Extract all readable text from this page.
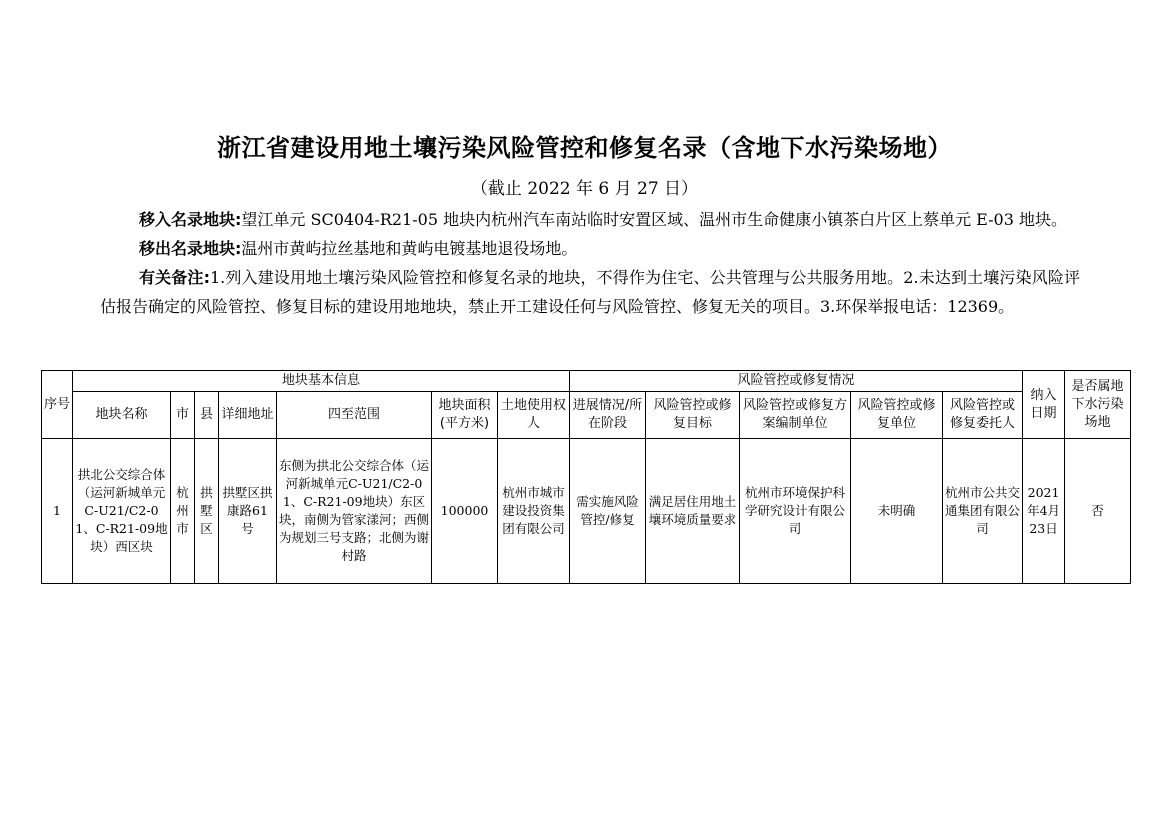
浙江省建设用地土壤污染风险管控和修复名录（含地下水污染场地）
（截止 2022 年 6 月 27 日）

移入名录地块:望江单元 SC0404-R21-05 地块内杭州汽车南站临时安置区域、温州市生命健康小镇茶白片区上蔡单元 E-03 地块。

移出名录地块:温州市黄屿拉丝基地和黄屿电镀基地退役场地。

有关备注:1.列入建设用地土壤污染风险管控和修复名录的地块，不得作为住宅、公共管理与公共服务用地。2.未达到土壤污染风险评估报告确定的风险管控、修复目标的建设用地地块，禁止开工建设任何与风险管控、修复无关的项目。3.环保举报电话：12369。

序号	地块基本信息							风险管控或修复情况					纳入日期	是否属地下水污染场地
	地块名称	市	县	详细地址	四至范围	地块面积(平方米)	土地使用权人	进展情况/所在阶段	风险管控或修复目标	风险管控或修复方案编制单位	风险管控或修复单位	风险管控或修复委托人		
1	拱北公交综合体（运河新城单元C-U21/C2-01、C-R21-09地块）西区块	杭州市	拱墅区	拱墅区拱康路61号	东侧为拱北公交综合体（运河新城单元C-U21/C2-01、C-R21-09地块）东区块，南侧为管家漾河；西侧为规划三号支路；北侧为谢村路	100000	杭州市城市建设投资集团有限公司	需实施风险管控/修复	满足居住用地土壤环境质量要求	杭州市环境保护科学研究设计有限公司	未明确	杭州市公共交通集团有限公司	2021年4月23日	否
